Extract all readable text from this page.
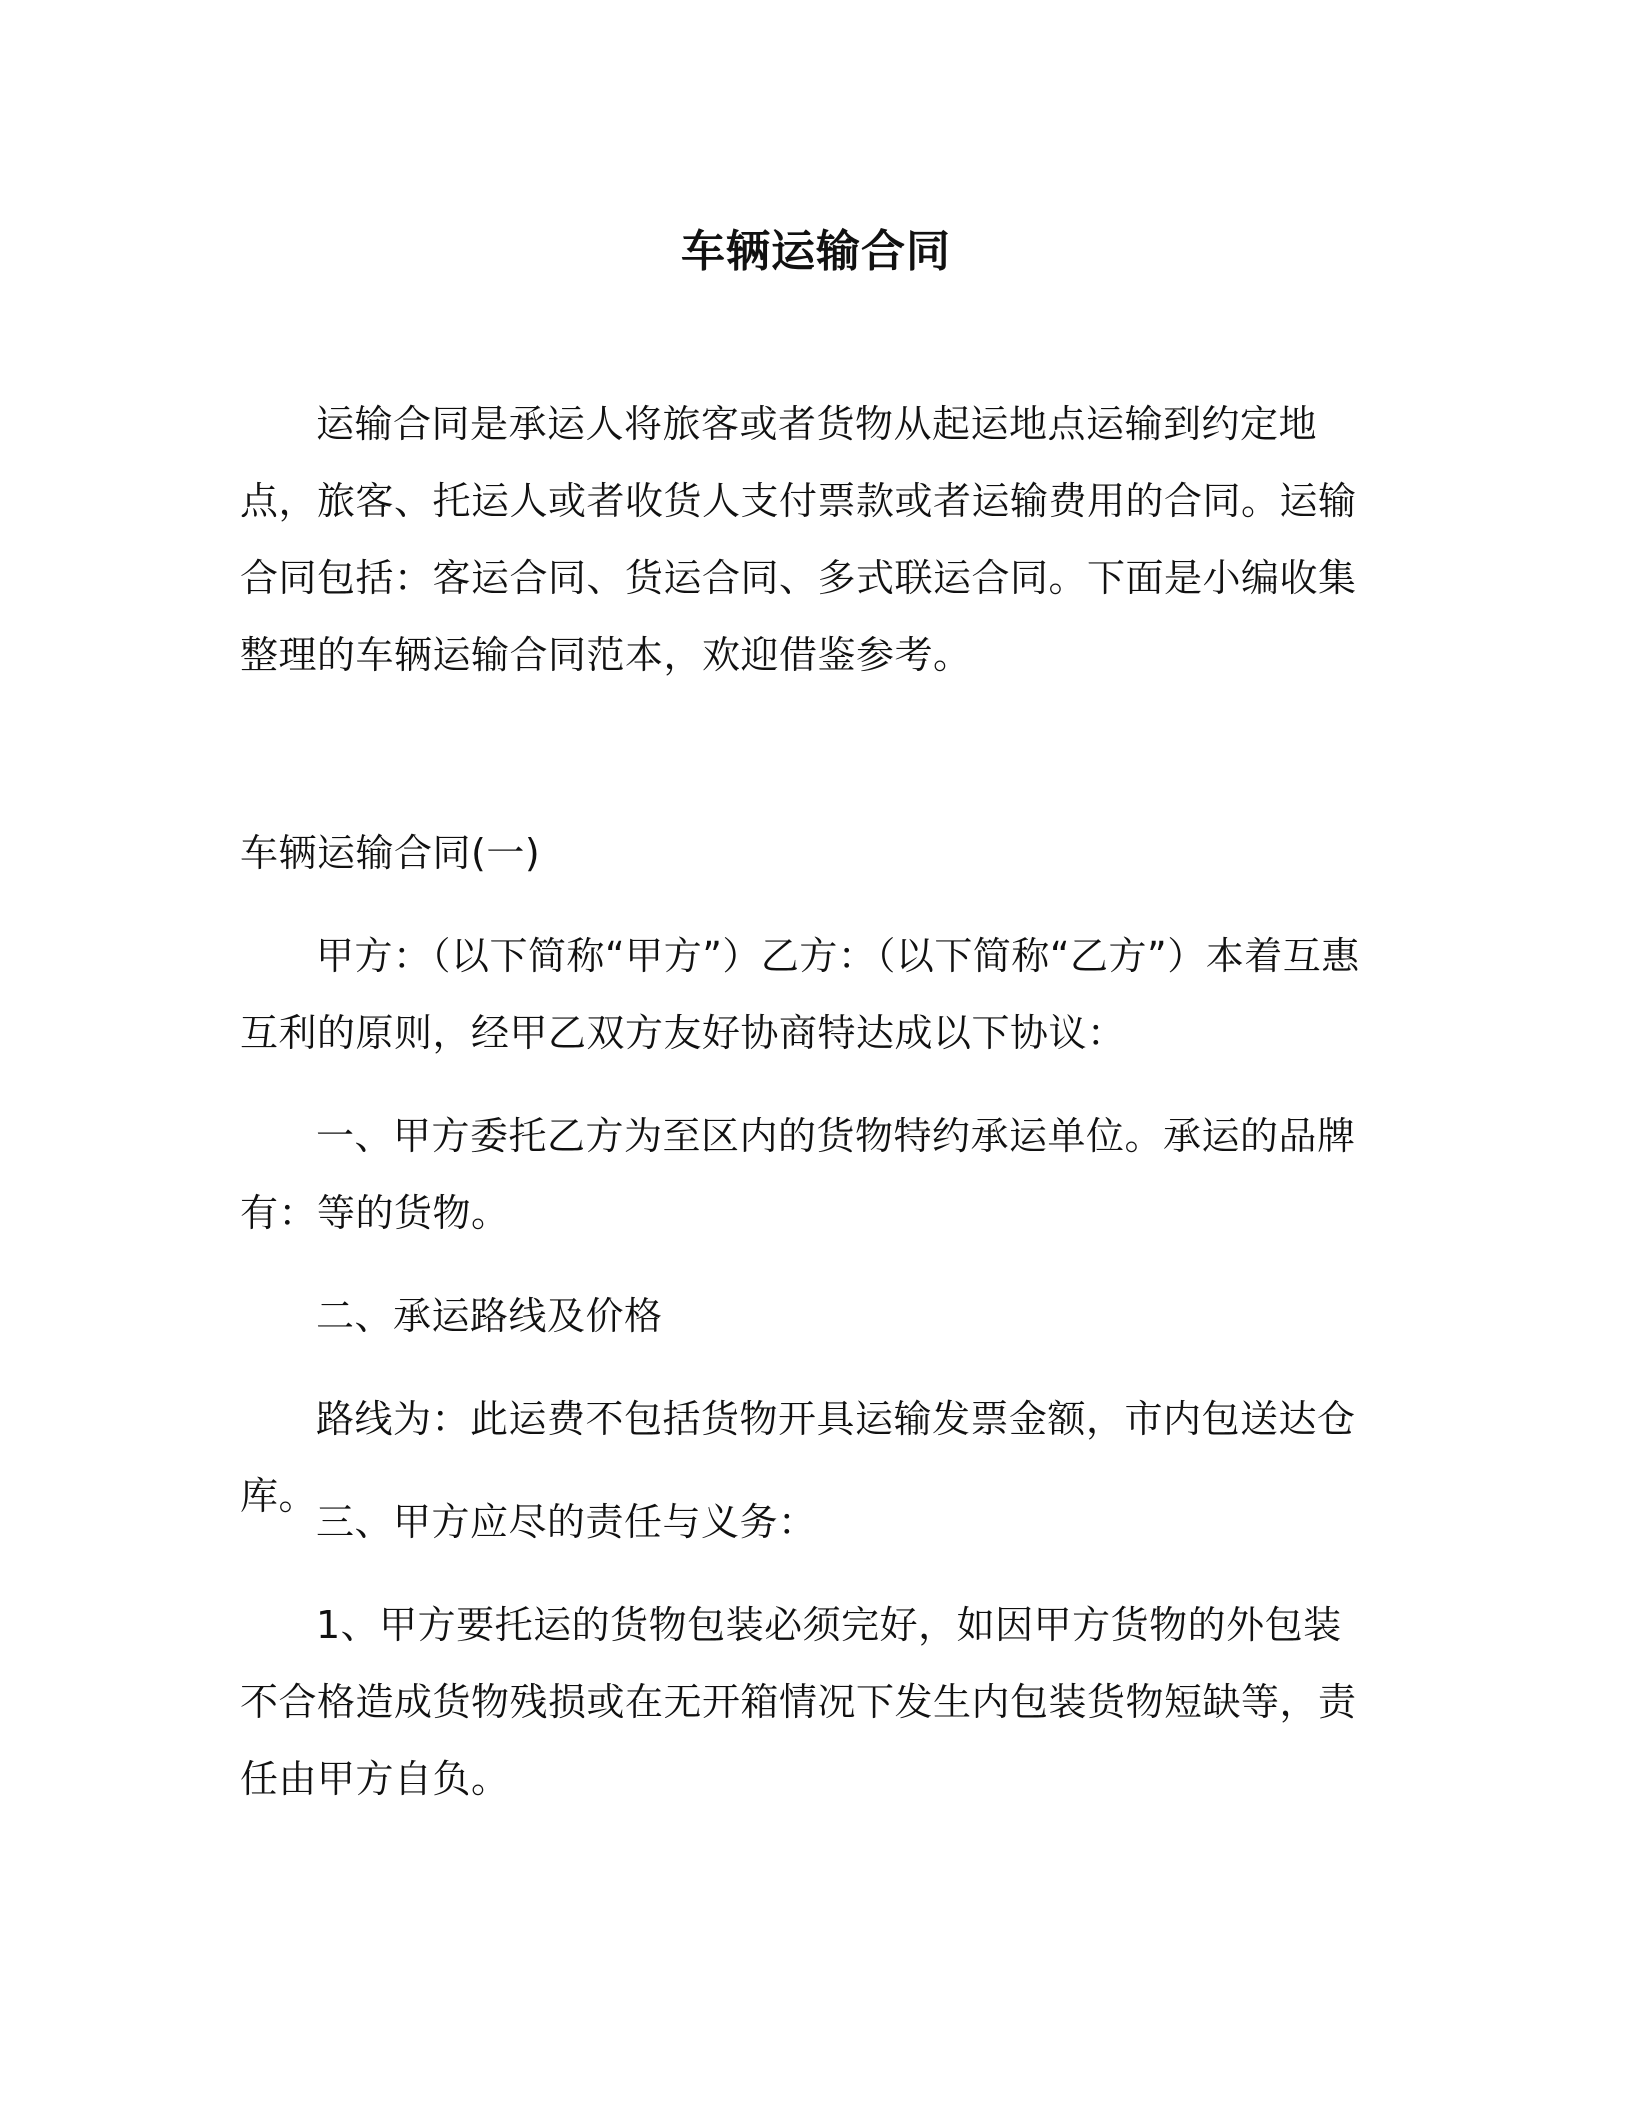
车辆运输合同

运输合同是承运人将旅客或者货物从起运地点运输到约定地点，旅客、托运人或者收货人支付票款或者运输费用的合同。运输合同包括：客运合同、货运合同、多式联运合同。下面是小编收集整理的车辆运输合同范本，欢迎借鉴参考。

车辆运输合同(一)

甲方：（以下简称“甲方”）乙方：（以下简称“乙方”）本着互惠互利的原则，经甲乙双方友好协商特达成以下协议：

一、甲方委托乙方为至区内的货物特约承运单位。承运的品牌有：等的货物。

二、承运路线及价格

路线为：此运费不包括货物开具运输发票金额，市内包送达仓库。

三、甲方应尽的责任与义务：

1、甲方要托运的货物包装必须完好，如因甲方货物的外包装不合格造成货物残损或在无开箱情况下发生内包装货物短缺等，责任由甲方自负。
